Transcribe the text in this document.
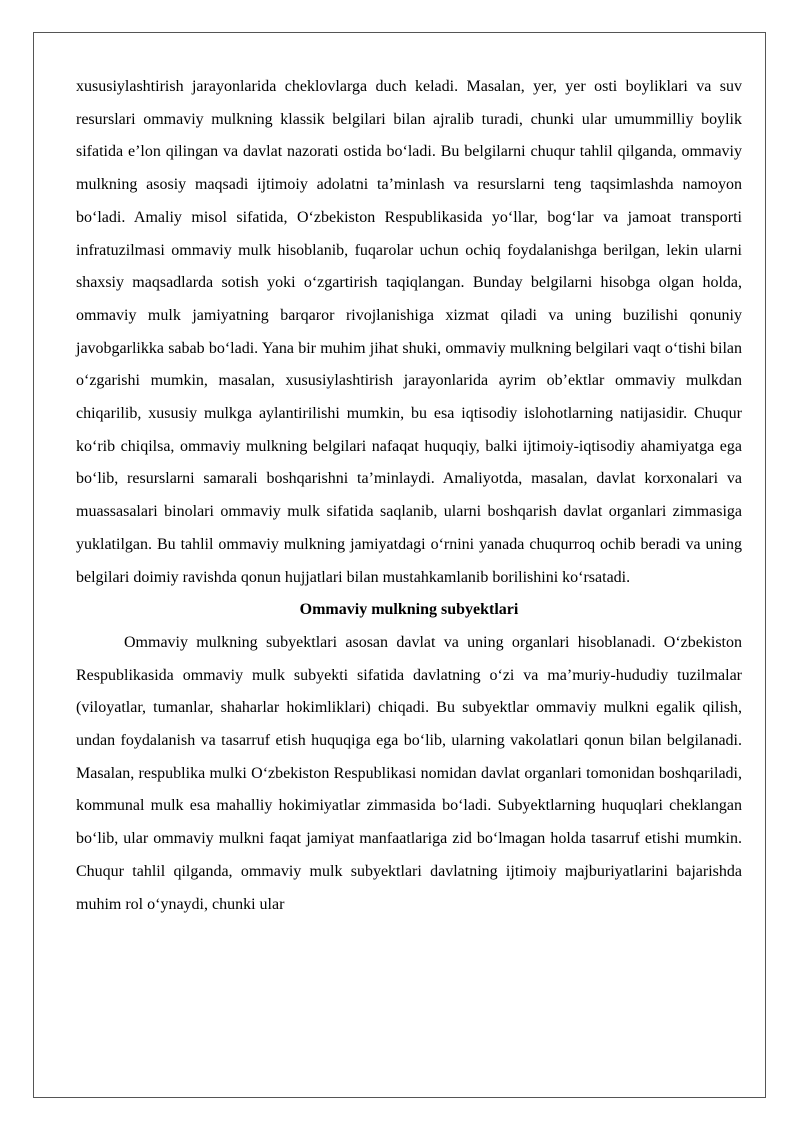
xususiylashtirish jarayonlarida cheklovlarga duch keladi. Masalan, yer, yer osti boyliklari va suv resurslari ommaviy mulkning klassik belgilari bilan ajralib turadi, chunki ular umummilliy boylik sifatida e’lon qilingan va davlat nazorati ostida bo‘ladi. Bu belgilarni chuqur tahlil qilganda, ommaviy mulkning asosiy maqsadi ijtimoiy adolatni ta’minlash va resurslarni teng taqsimlashda namoyon bo‘ladi. Amaliy misol sifatida, O‘zbekiston Respublikasida yo‘llar, bog‘lar va jamoat transporti infratuzilmasi ommaviy mulk hisoblanib, fuqarolar uchun ochiq foydalanishga berilgan, lekin ularni shaxsiy maqsadlarda sotish yoki o‘zgartirish taqiqlangan. Bunday belgilarni hisobga olgan holda, ommaviy mulk jamiyatning barqaror rivojlanishiga xizmat qiladi va uning buzilishi qonuniy javobgarlikka sabab bo‘ladi. Yana bir muhim jihat shuki, ommaviy mulkning belgilari vaqt o‘tishi bilan o‘zgarishi mumkin, masalan, xususiylashtirish jarayonlarida ayrim ob’ektlar ommaviy mulkdan chiqarilib, xususiy mulkga aylantirilishi mumkin, bu esa iqtisodiy islohotlarning natijasidir. Chuqur ko‘rib chiqilsa, ommaviy mulkning belgilari nafaqat huquqiy, balki ijtimoiy-iqtisodiy ahamiyatga ega bo‘lib, resurslarni samarali boshqarishni ta’minlaydi. Amaliyotda, masalan, davlat korxonalari va muassasalari binolari ommaviy mulk sifatida saqlanib, ularni boshqarish davlat organlari zimmasiga yuklatilgan. Bu tahlil ommaviy mulkning jamiyatdagi o‘rnini yanada chuqurroq ochib beradi va uning belgilari doimiy ravishda qonun hujjatlari bilan mustahkamlanib borilishini ko‘rsatadi.

Ommaviy mulkning subyektlari

Ommaviy mulkning subyektlari asosan davlat va uning organlari hisoblanadi. O‘zbekiston Respublikasida ommaviy mulk subyekti sifatida davlatning o‘zi va ma’muriy-hududiy tuzilmalar (viloyatlar, tumanlar, shaharlar hokimliklari) chiqadi. Bu subyektlar ommaviy mulkni egalik qilish, undan foydalanish va tasarruf etish huquqiga ega bo‘lib, ularning vakolatlari qonun bilan belgilanadi. Masalan, respublika mulki O‘zbekiston Respublikasi nomidan davlat organlari tomonidan boshqariladi, kommunal mulk esa mahalliy hokimiyatlar zimmasida bo‘ladi. Subyektlarning huquqlari cheklangan bo‘lib, ular ommaviy mulkni faqat jamiyat manfaatlariga zid bo‘lmagan holda tasarruf etishi mumkin. Chuqur tahlil qilganda, ommaviy mulk subyektlari davlatning ijtimoiy majburiyatlarini bajarishda muhim rol o‘ynaydi, chunki ular
